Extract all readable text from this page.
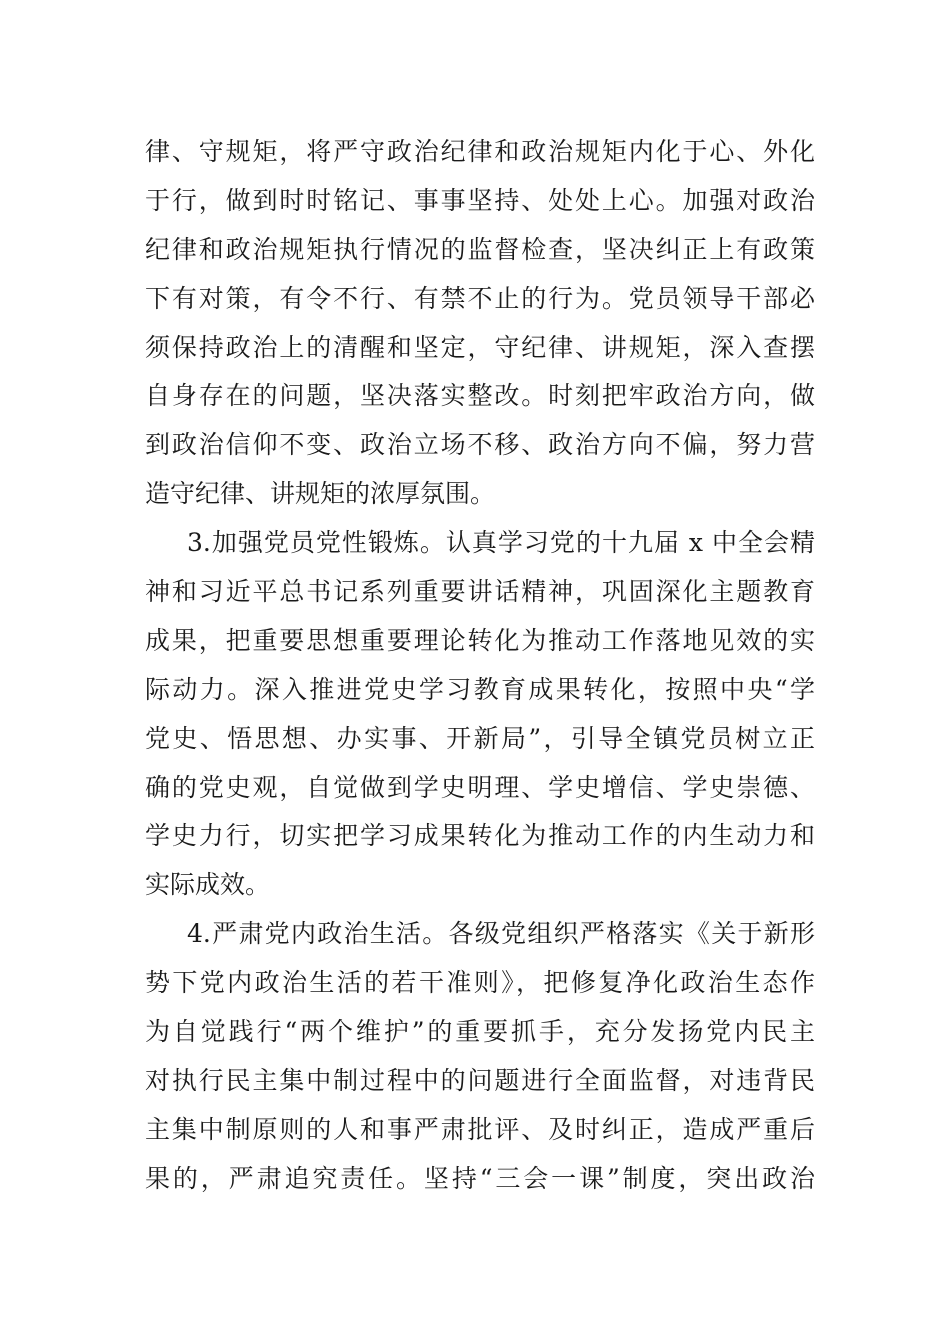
律、守规矩，将严守政治纪律和政治规矩内化于心、外化
于行，做到时时铭记、事事坚持、处处上心。加强对政治
纪律和政治规矩执行情况的监督检查，坚决纠正上有政策
下有对策，有令不行、有禁不止的行为。党员领导干部必
须保持政治上的清醒和坚定，守纪律、讲规矩，深入查摆
自身存在的问题，坚决落实整改。时刻把牢政治方向，做
到政治信仰不变、政治立场不移、政治方向不偏，努力营
造守纪律、讲规矩的浓厚氛围。
3.加强党员党性锻炼。认真学习党的十九届 x 中全会精
神和习近平总书记系列重要讲话精神，巩固深化主题教育
成果，把重要思想重要理论转化为推动工作落地见效的实
际动力。深入推进党史学习教育成果转化，按照中央“学
党史、悟思想、办实事、开新局”，引导全镇党员树立正
确的党史观，自觉做到学史明理、学史增信、学史崇德、
学史力行，切实把学习成果转化为推动工作的内生动力和
实际成效。
4.严肃党内政治生活。各级党组织严格落实《关于新形
势下党内政治生活的若干准则》，把修复净化政治生态作
为自觉践行“两个维护”的重要抓手，充分发扬党内民主
对执行民主集中制过程中的问题进行全面监督，对违背民
主集中制原则的人和事严肃批评、及时纠正，造成严重后
果的，严肃追究责任。坚持“三会一课”制度，突出政治
